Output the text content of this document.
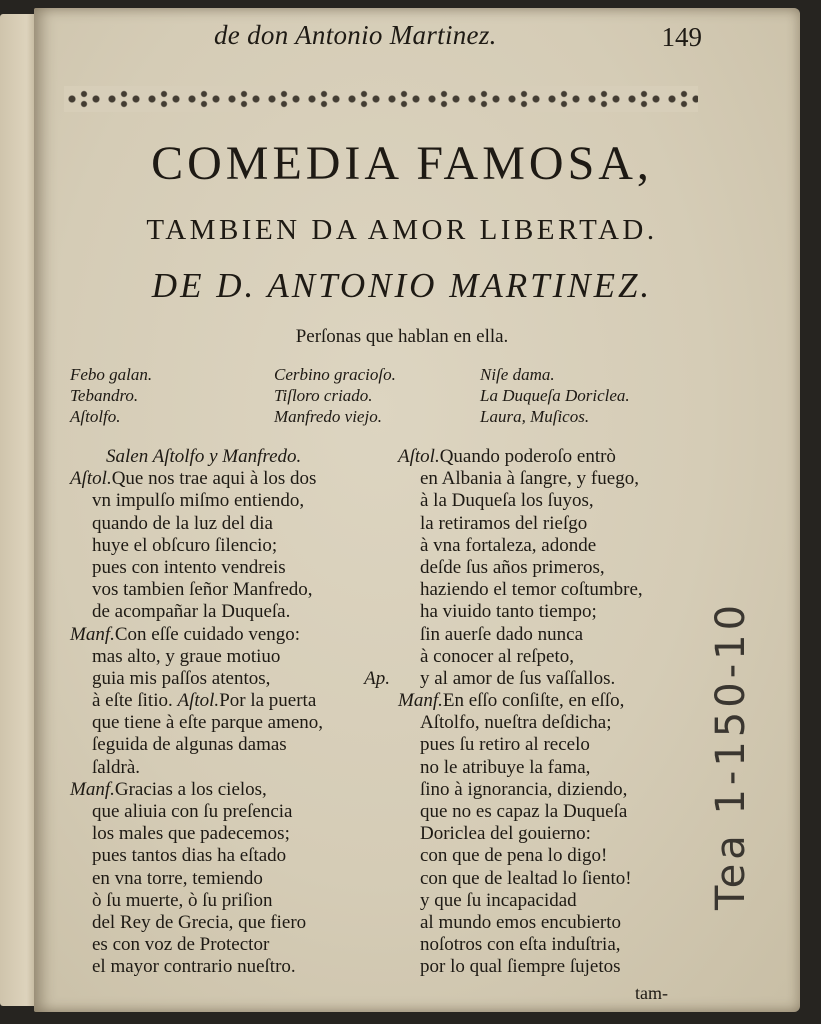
de don Antonio Martinez.	149
COMEDIA FAMOSA,
TAMBIEN DA AMOR LIBERTAD.
DE D. ANTONIO MARTINEZ.
Perſonas que hablan en ella.
Febo galan.
Tebandro.
Aſtolfo.
Cerbino gracioſo.
Tiſloro criado.
Manfredo viejo.
Niſe dama.
La Duqueſa Doriclea.
Laura, Muſicos.
Salen Aſtolfo y Manfredo.
Aſtol.Que nos trae aqui à los dos
vn impulſo miſmo entiendo,
quando de la luz del dia
huye el obſcuro ſilencio;
pues con intento vendreis
vos tambien ſeñor Manfredo,
de acompañar la Duqueſa.
Manf.Con eſſe cuidado vengo:
mas alto, y graue motiuo
guia mis paſſos atentos,	Ap.
à eſte ſitio. Aſtol.Por la puerta
que tiene à eſte parque ameno,
ſeguida de algunas damas
ſaldrà.
Manf.Gracias a los cielos,
que aliuia con ſu preſencia
los males que padecemos;
pues tantos dias ha eſtado
en vna torre, temiendo
ò ſu muerte, ò ſu priſion
del Rey de Grecia, que fiero
es con voz de Protector
el mayor contrario nueſtro.
Aſtol.Quando poderoſo entrò
en Albania à ſangre, y fuego,
à la Duqueſa los ſuyos,
la retiramos del rieſgo
à vna fortaleza, adonde
deſde ſus años primeros,
haziendo el temor coſtumbre,
ha viuido tanto tiempo;
ſin auerſe dado nunca
à conocer al reſpeto,
y al amor de ſus vaſſallos.
Manf.En eſſo conſiſte, en eſſo,
Aſtolfo, nueſtra deſdicha;
pues ſu retiro al recelo
no le atribuye la fama,
ſino à ignorancia, diziendo,
que no es capaz la Duqueſa
Doriclea del gouierno:
con que de pena lo digo!
con que de lealtad lo ſiento!
y que ſu incapacidad
al mundo emos encubierto
noſotros con eſta induſtria,
por lo qual ſiempre ſujetos
tam-
Tea 1-150-10
